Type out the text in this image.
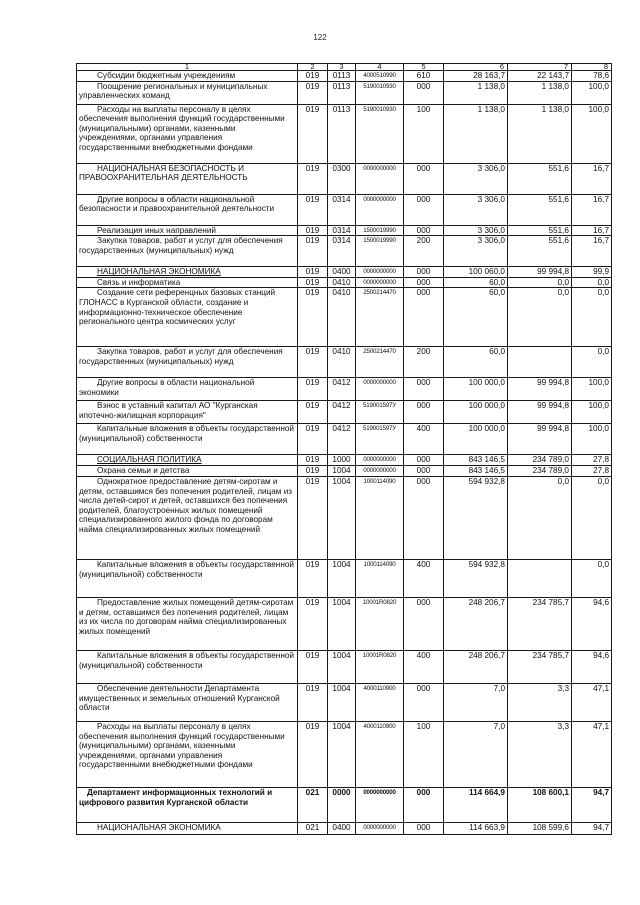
122
1	2	3	4	5	6	7	8
Субсидии бюджетным учреждениям	019	0113	4000510990	610	28 163,7	22 143,7	78,6
Поощрение региональных и муниципальных управленческих команд	019	0113	5190010930	000	1 138,0	1 138,0	100,0
Расходы на выплаты персоналу в целях обеспечения выполнения функций государственными (муниципальными) органами, казенными учреждениями, органами управления государственными внебюджетными фондами	019	0113	5190010930	100	1 138,0	1 138,0	100,0
НАЦИОНАЛЬНАЯ БЕЗОПАСНОСТЬ И ПРАВООХРАНИТЕЛЬНАЯ ДЕЯТЕЛЬНОСТЬ	019	0300	0000000000	000	3 306,0	551,6	16,7
Другие вопросы в области национальной безопасности и правоохранительной деятельности	019	0314	0000000000	000	3 306,0	551,6	16,7
Реализация иных направлений	019	0314	1500019990	000	3 306,0	551,6	16,7
Закупка товаров, работ и услуг для обеспечения государственных (муниципальных) нужд	019	0314	1500019990	200	3 306,0	551,6	16,7
НАЦИОНАЛЬНАЯ ЭКОНОМИКА	019	0400	0000000000	000	100 060,0	99 994,8	99,9
Связь и информатика	019	0410	0000000000	000	60,0	0,0	0,0
Создание сети референцных базовых станций ГЛОНАСС в Курганской области, создание и информационно-техническое обеспечение регионального центра космических услуг	019	0410	2500214470	000	60,0	0,0	0,0
Закупка товаров, работ и услуг для обеспечения государственных (муниципальных) нужд	019	0410	2500214470	200	60,0		0,0
Другие вопросы в области национальной экономики	019	0412	0000000000	000	100 000,0	99 994,8	100,0
Взнос в уставный капитал АО "Курганская ипотечно-жилищная корпорация"	019	0412	519001597У	000	100 000,0	99 994,8	100,0
Капитальные вложения в объекты государственной (муниципальной) собственности	019	0412	519001597У	400	100 000,0	99 994,8	100,0
СОЦИАЛЬНАЯ ПОЛИТИКА	019	1000	0000000000	000	843 146,5	234 789,0	27,8
Охрана семьи и детства	019	1004	0000000000	000	843 146,5	234 789,0	27,8
Однократное предоставление детям-сиротам и детям, оставшимся без попечения родителей, лицам из числа детей-сирот и детей, оставшихся без попечения родителей, благоустроенных жилых помещений специализированного жилого фонда по договорам найма специализированных жилых помещений	019	1004	1000114090	000	594 932,8	0,0	0,0
Капитальные вложения в объекты государственной (муниципальной) собственности	019	1004	1000114090	400	594 932,8		0,0
Предоставление жилых помещений детям-сиротам и детям, оставшимся без попечения родителей, лицам из их числа по договорам найма специализированных жилых помещений	019	1004	10001R0820	000	248 206,7	234 785,7	94,6
Капитальные вложения в объекты государственной (муниципальной) собственности	019	1004	10001R0820	400	248 206,7	234 785,7	94,6
Обеспечение деятельности Департамента имущественных и земельных отношений Курганской области	019	1004	4000110900	000	7,0	3,3	47,1
Расходы на выплаты персоналу в целях обеспечения выполнения функций государственными (муниципальными) органами, казенными учреждениями, органами управления государственными внебюджетными фондами	019	1004	4000110900	100	7,0	3,3	47,1
Департамент информационных технологий и цифрового развития Курганской области	021	0000	0000000000	000	114 664,9	108 600,1	94,7
НАЦИОНАЛЬНАЯ ЭКОНОМИКА	021	0400	0000000000	000	114 663,9	108 599,6	94,7
